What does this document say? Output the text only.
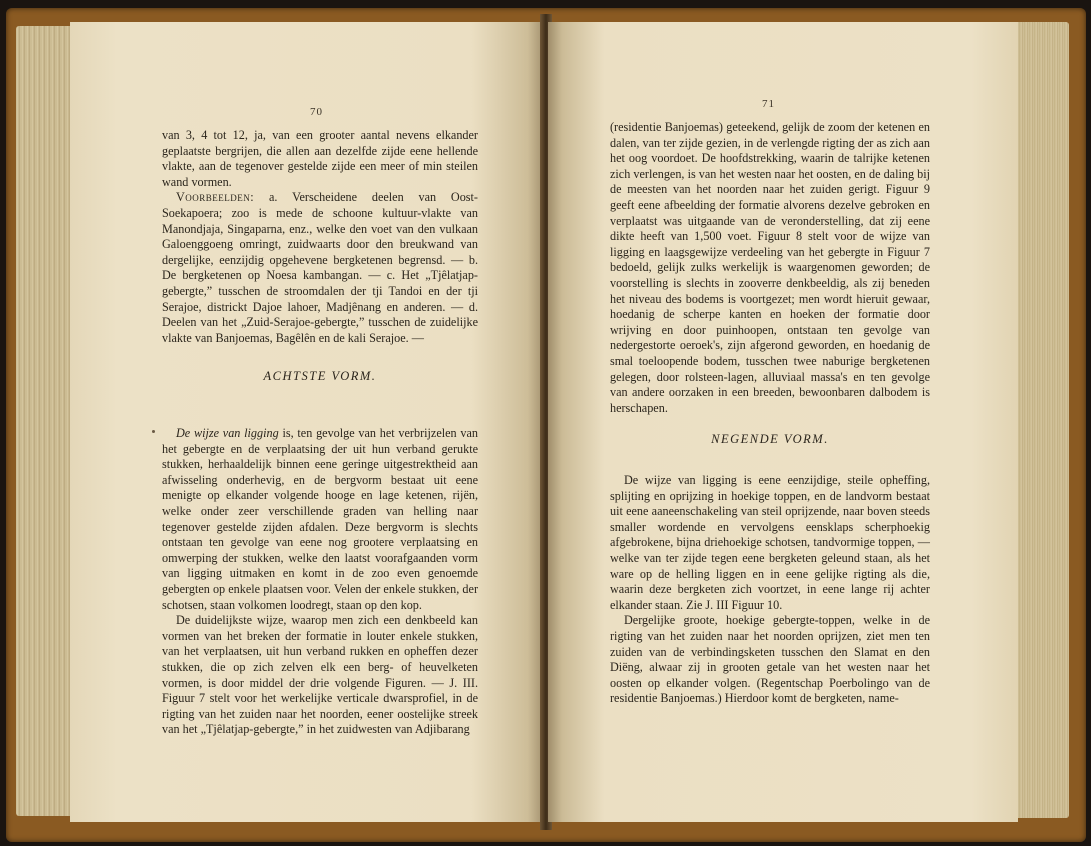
70

van 3, 4 tot 12, ja, van een grooter aantal nevens elkander geplaatste bergrijen, die allen aan dezelfde zijde eene hellende vlakte, aan de tegenover gestelde zijde een meer of min steilen wand vormen.

Voorbeelden: a. Verscheidene deelen van Oost-Soekapoera; zoo is mede de schoone kultuur-vlakte van Manondjaja, Singaparna, enz., welke den voet van den vulkaan Galoenggoeng omringt, zuidwaarts door den breukwand van dergelijke, eenzijdig opgehevene bergketenen begrensd. — b. De bergketenen op Noesa kambangan. — c. Het „Tjêlatjap-gebergte,” tusschen de stroomdalen der tji Tandoi en der tji Serajoe, districkt Dajoe lahoer, Madjênang en anderen. — d. Deelen van het „Zuid-Serajoe-gebergte,” tusschen de zuidelijke vlakte van Banjoemas, Bagêlên en de kali Serajoe. —

ACHTSTE VORM.

De wijze van ligging is, ten gevolge van het verbrijzelen van het gebergte en de verplaatsing der uit hun verband gerukte stukken, herhaaldelijk binnen eene geringe uitgestrektheid aan afwisseling onderhevig, en de bergvorm bestaat uit eene menigte op elkander volgende hooge en lage ketenen, rijën, welke onder zeer verschillende graden van helling naar tegenover gestelde zijden afdalen. Deze bergvorm is slechts ontstaan ten gevolge van eene nog grootere verplaatsing en omwerping der stukken, welke den laatst voorafgaanden vorm van ligging uitmaken en komt in de zoo even genoemde gebergten op enkele plaatsen voor. Velen der enkele stukken, der schotsen, staan volkomen loodregt, staan op den kop.

De duidelijkste wijze, waarop men zich een denkbeeld kan vormen van het breken der formatie in louter enkele stukken, van het verplaatsen, uit hun verband rukken en opheffen dezer stukken, die op zich zelven elk een berg- of heuvelketen vormen, is door middel der drie volgende Figuren. — J. III. Figuur 7 stelt voor het werkelijke verticale dwarsprofiel, in de rigting van het zuiden naar het noorden, eener oostelijke streek van het „Tjêlatjap-gebergte,” in het zuidwesten van Adjibarang

71

(residentie Banjoemas) geteekend, gelijk de zoom der ketenen en dalen, van ter zijde gezien, in de verlengde rigting der as zich aan het oog voordoet. De hoofdstrekking, waarin de talrijke ketenen zich verlengen, is van het westen naar het oosten, en de daling bij de meesten van het noorden naar het zuiden gerigt. Figuur 9 geeft eene afbeelding der formatie alvorens dezelve gebroken en verplaatst was uitgaande van de veronderstelling, dat zij eene dikte heeft van 1,500 voet. Figuur 8 stelt voor de wijze van ligging en laagsgewijze verdeeling van het gebergte in Figuur 7 bedoeld, gelijk zulks werkelijk is waargenomen geworden; de voorstelling is slechts in zooverre denkbeeldig, als zij beneden het niveau des bodems is voortgezet; men wordt hieruit gewaar, hoedanig de scherpe kanten en hoeken der formatie door wrijving en door puinhoopen, ontstaan ten gevolge van nedergestorte oeroek's, zijn afgerond geworden, en hoedanig de smal toeloopende bodem, tusschen twee naburige bergketenen gelegen, door rolsteen-lagen, alluviaal massa's en ten gevolge van andere oorzaken in een breeden, bewoonbaren dalbodem is herschapen.

NEGENDE VORM.

De wijze van ligging is eene eenzijdige, steile opheffing, splijting en oprijzing in hoekige toppen, en de landvorm bestaat uit eene aaneenschakeling van steil oprijzende, naar boven steeds smaller wordende en vervolgens eensklaps scherphoekig afgebrokene, bijna driehoekige schotsen, tandvormige toppen, — welke van ter zijde tegen eene bergketen geleund staan, als het ware op de helling liggen en in eene gelijke rigting als die, waarin deze bergketen zich voortzet, in eene lange rij achter elkander staan. Zie J. III Figuur 10.

Dergelijke groote, hoekige gebergte-toppen, welke in de rigting van het zuiden naar het noorden oprijzen, ziet men ten zuiden van de verbindingsketen tusschen den Slamat en den Diëng, alwaar zij in grooten getale van het westen naar het oosten op elkander volgen. (Regentschap Poerbolingo van de residentie Banjoemas.) Hierdoor komt de bergketen, name-
